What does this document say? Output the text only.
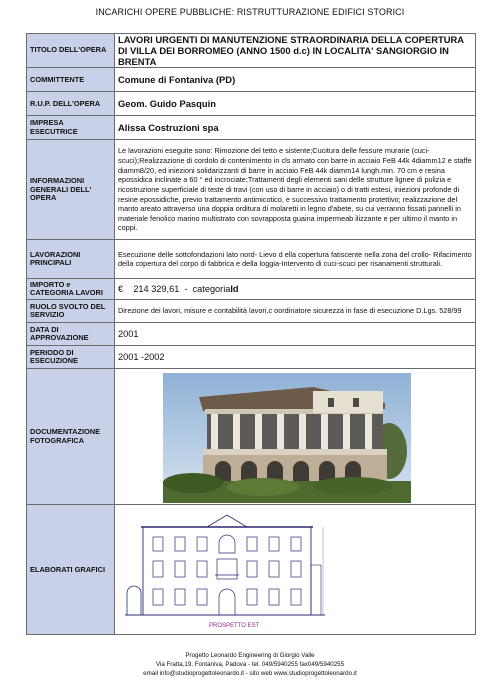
INCARICHI OPERE PUBBLICHE: RISTRUTTURAZIONE EDIFICI STORICI
TITOLO DELL'OPERA	LAVORI URGENTI DI MANUTENZIONE STRAORDINARIA DELLA COPERTURA DI VILLA DEI BORROMEO (ANNO 1500 d.c) IN LOCALITA' SANGIORGIO IN BRENTA
COMMITTENTE	Comune di Fontaniva (PD)
R.U.P. DELL'OPERA	Geom. Guido Pasquin
IMPRESA ESECUTRICE	Alissa Costruzioni spa
INFORMAZIONI GENERALI DELL' OPERA	Le lavorazioni eseguite sono: Rimozione del tetto e sistente;Cucitura delle fessure murarie (cuci-scuci);Realizzazione di cordolo di contenimento in cls armato con barre in acciaio FeB 44k 4diamm12 e staffe diamm8/20, ed iniezioni solidarizzanti di barre in acciaio FeB 44k diamm14 lungh.min. 70 cm e resina epossidica inclinate a 60 ° ed incrociate;Trattamenti degli elementi sani delle strutture lignee di pulizia e ricostruzione superficiale di teste di travi (con uso di barre in acciaio) o di tratti estesi, iniezioni profonde di resine epossidiche, previo trattamento antimicotico, e successivo trattamento protettivo; realizzazione del manto areato attraverso una doppia orditura di molaretti in legno d'abete, su cui verranno fissati pannelli in materiale fenolico marino multistrato con sovrapposta guaina impermeab ilizzante e per ultimo il manto in coppi.
LAVORAZIONI PRINCIPALI	Esecuzione delle sottofondazioni lato nord- Lievo d ella copertura fatiscente nella zona del crollo- Rifacimento della copertura del corpo di fabbrica e della loggia-Intervento di cuci-scuci per risanamenti strutturali.
IMPORTO e CATEGORIA LAVORI	€    214 329,61  -  categoriaId
RUOLO SVOLTO DEL SERVIZIO	Direzione dei lavori, misure e contabilità lavori,c oordinatore sicurezza in fase di esecuzione D.Lgs. 528/99
DATA DI APPROVAZIONE	2001
PERIODO DI ESECUZIONE	2001 -2002
DOCUMENTAZIONE FOTOGRAFICA	

ELABORATI GRAFICI	PROSPETTO EST
Progetto Leonardo Engineering di Giorgio Valle
Via Fratta,19, Fontaniva, Padova - tel. 049/5940255 fax049/5940255
email info@studioprogettoleonardo.it - sito web www.studioprogettoleonardo.it
